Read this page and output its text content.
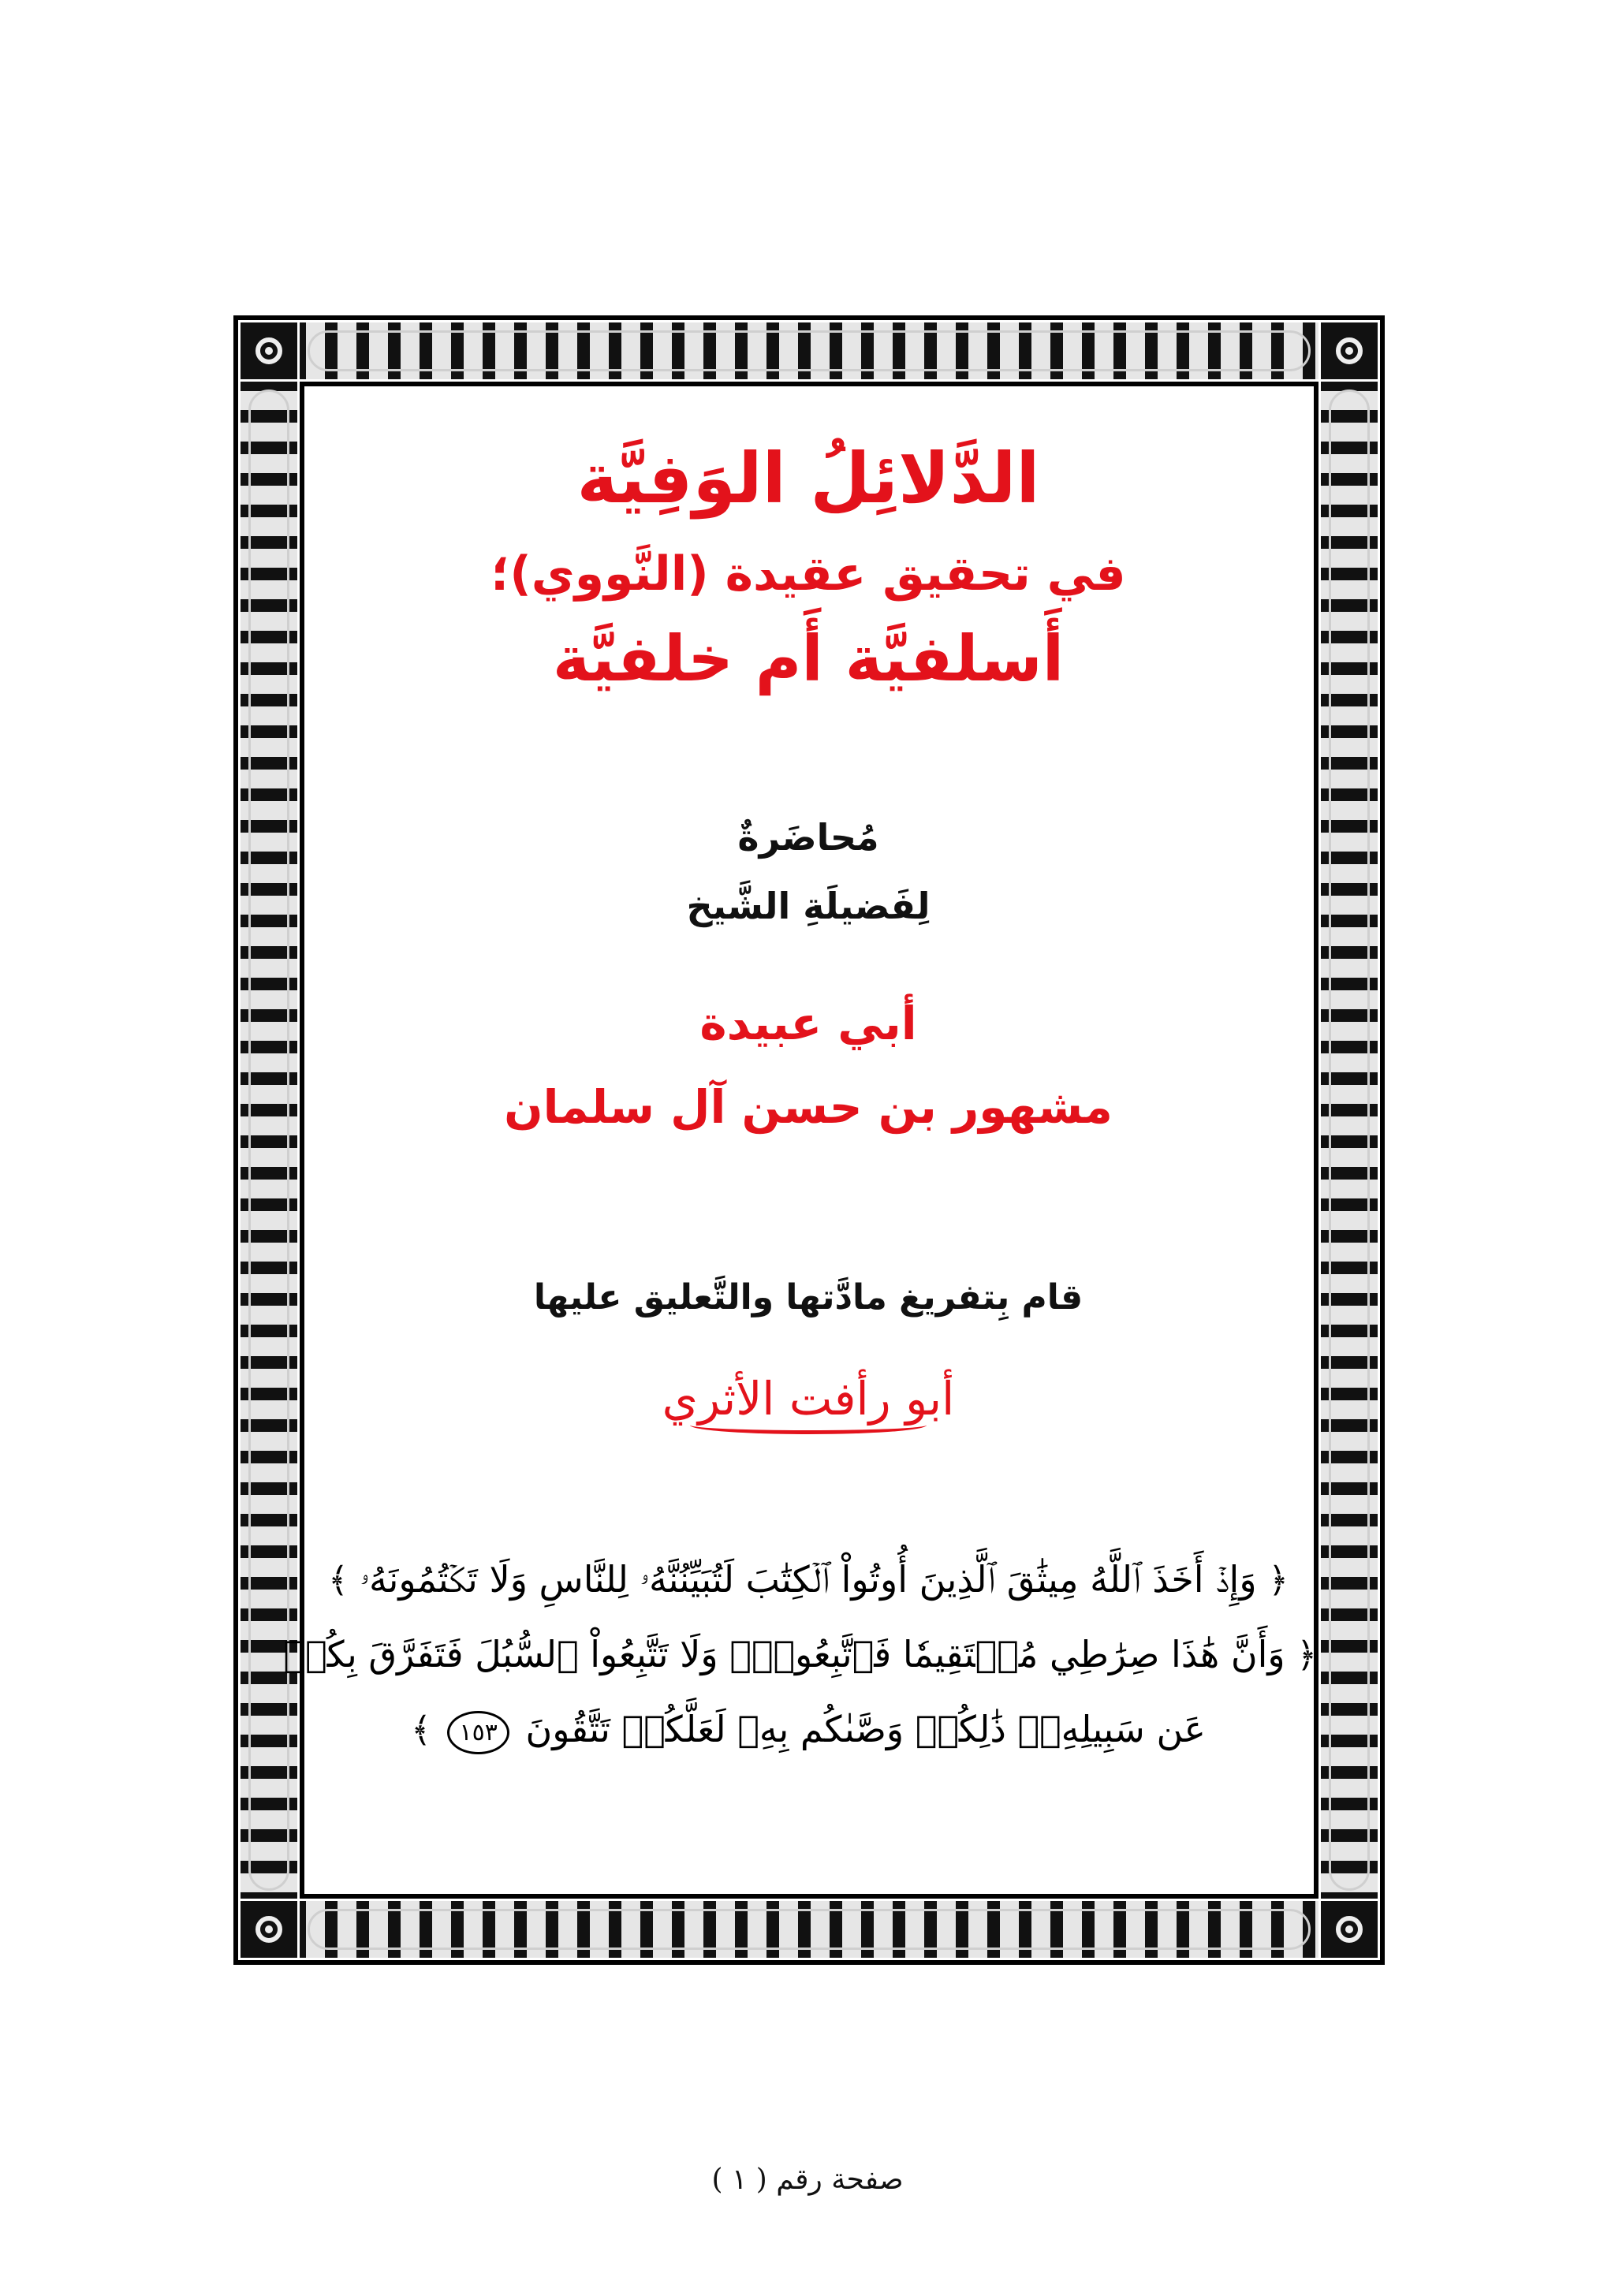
الدَّلائِلُ الوَفِيَّة
في تحقيق عقيدة (النَّووي)؛
أَسلفيَّة أَم خلفيَّة
مُحاضَرةٌ
لِفَضيلَةِ الشَّيخ
أبي عبيدة
مشهور بن حسن آل سلمان
قام بِتفريغ مادَّتها والتَّعليق عليها
أبو رأفت الأثري
﴿ وَإِذۡ أَخَذَ ٱللَّهُ مِيثَٰقَ ٱلَّذِينَ أُوتُواْ ٱلۡكِتَٰبَ لَتُبَيِّنُنَّهُۥ لِلنَّاسِ وَلَا تَكۡتُمُونَهُۥ ﴾
﴿ وَأَنَّ هَٰذَا صِرَٰطِي مُسۡتَقِيمٗا فَٱتَّبِعُوهُۖ وَلَا تَتَّبِعُواْ ٱلسُّبُلَ فَتَفَرَّقَ بِكُمۡ
عَن سَبِيلِهِۦۚ ذَٰلِكُمۡ وَصَّىٰكُم بِهِۦ لَعَلَّكُمۡ تَتَّقُونَ ١٥٣ ﴾
صفحة رقم ( ١ )
